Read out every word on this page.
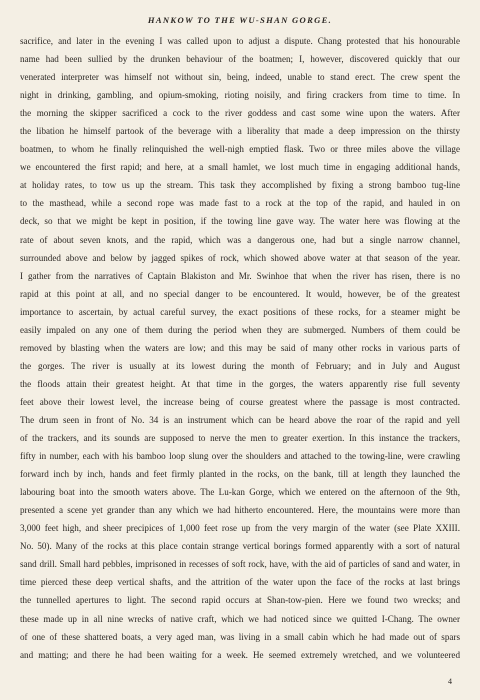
HANKOW TO THE WU-SHAN GORGE.
sacrifice, and later in the evening I was called upon to adjust a dispute. Chang protested that his honourable
name had been sullied by the drunken behaviour of the boatmen; I, however, discovered quickly that our
venerated interpreter was himself not without sin, being, indeed, unable to stand erect. The crew spent the
night in drinking, gambling, and opium-smoking, rioting noisily, and firing crackers from time to time. In
the morning the skipper sacrificed a cock to the river goddess and cast some wine upon the waters. After
the libation he himself partook of the beverage with a liberality that made a deep impression on the thirsty
boatmen, to whom he finally relinquished the well-nigh emptied flask. Two or three miles above the village
we encountered the first rapid; and here, at a small hamlet, we lost much time in engaging additional hands,
at holiday rates, to tow us up the stream. This task they accomplished by fixing a strong bamboo tug-line
to the masthead, while a second rope was made fast to a rock at the top of the rapid, and hauled in on
deck, so that we might be kept in position, if the towing line gave way. The water here was flowing at the
rate of about seven knots, and the rapid, which was a dangerous one, had but a single narrow channel,
surrounded above and below by jagged spikes of rock, which showed above water at that season of the year.
I gather from the narratives of Captain Blakiston and Mr. Swinhoe that when the river has risen, there is no
rapid at this point at all, and no special danger to be encountered. It would, however, be of the greatest
importance to ascertain, by actual careful survey, the exact positions of these rocks, for a steamer might be
easily impaled on any one of them during the period when they are submerged. Numbers of them could be
removed by blasting when the waters are low; and this may be said of many other rocks in various parts of
the gorges. The river is usually at its lowest during the month of February; and in July and August
the floods attain their greatest height. At that time in the gorges, the waters apparently rise full seventy
feet above their lowest level, the increase being of course greatest where the passage is most contracted.
The drum seen in front of No. 34 is an instrument which can be heard above the roar of the rapid and yell
of the trackers, and its sounds are supposed to nerve the men to greater exertion. In this instance the trackers,
fifty in number, each with his bamboo loop slung over the shoulders and attached to the towing-line, were crawling
forward inch by inch, hands and feet firmly planted in the rocks, on the bank, till at length they launched the
labouring boat into the smooth waters above. The Lu-kan Gorge, which we entered on the afternoon of the 9th,
presented a scene yet grander than any which we had hitherto encountered. Here, the mountains were more than
3,000 feet high, and sheer precipices of 1,000 feet rose up from the very margin of the water (see Plate XXIII.
No. 50). Many of the rocks at this place contain strange vertical borings formed apparently with a sort of natural
sand drill. Small hard pebbles, imprisoned in recesses of soft rock, have, with the aid of particles of sand and water, in
time pierced these deep vertical shafts, and the attrition of the water upon the face of the rocks at last brings
the tunnelled apertures to light. The second rapid occurs at Shan-tow-pien. Here we found two wrecks; and
these made up in all nine wrecks of native craft, which we had noticed since we quitted I-Chang. The owner
of one of these shattered boats, a very aged man, was living in a small cabin which he had made out of spars
and matting; and there he had been waiting for a week. He seemed extremely wretched, and we volunteered
4
